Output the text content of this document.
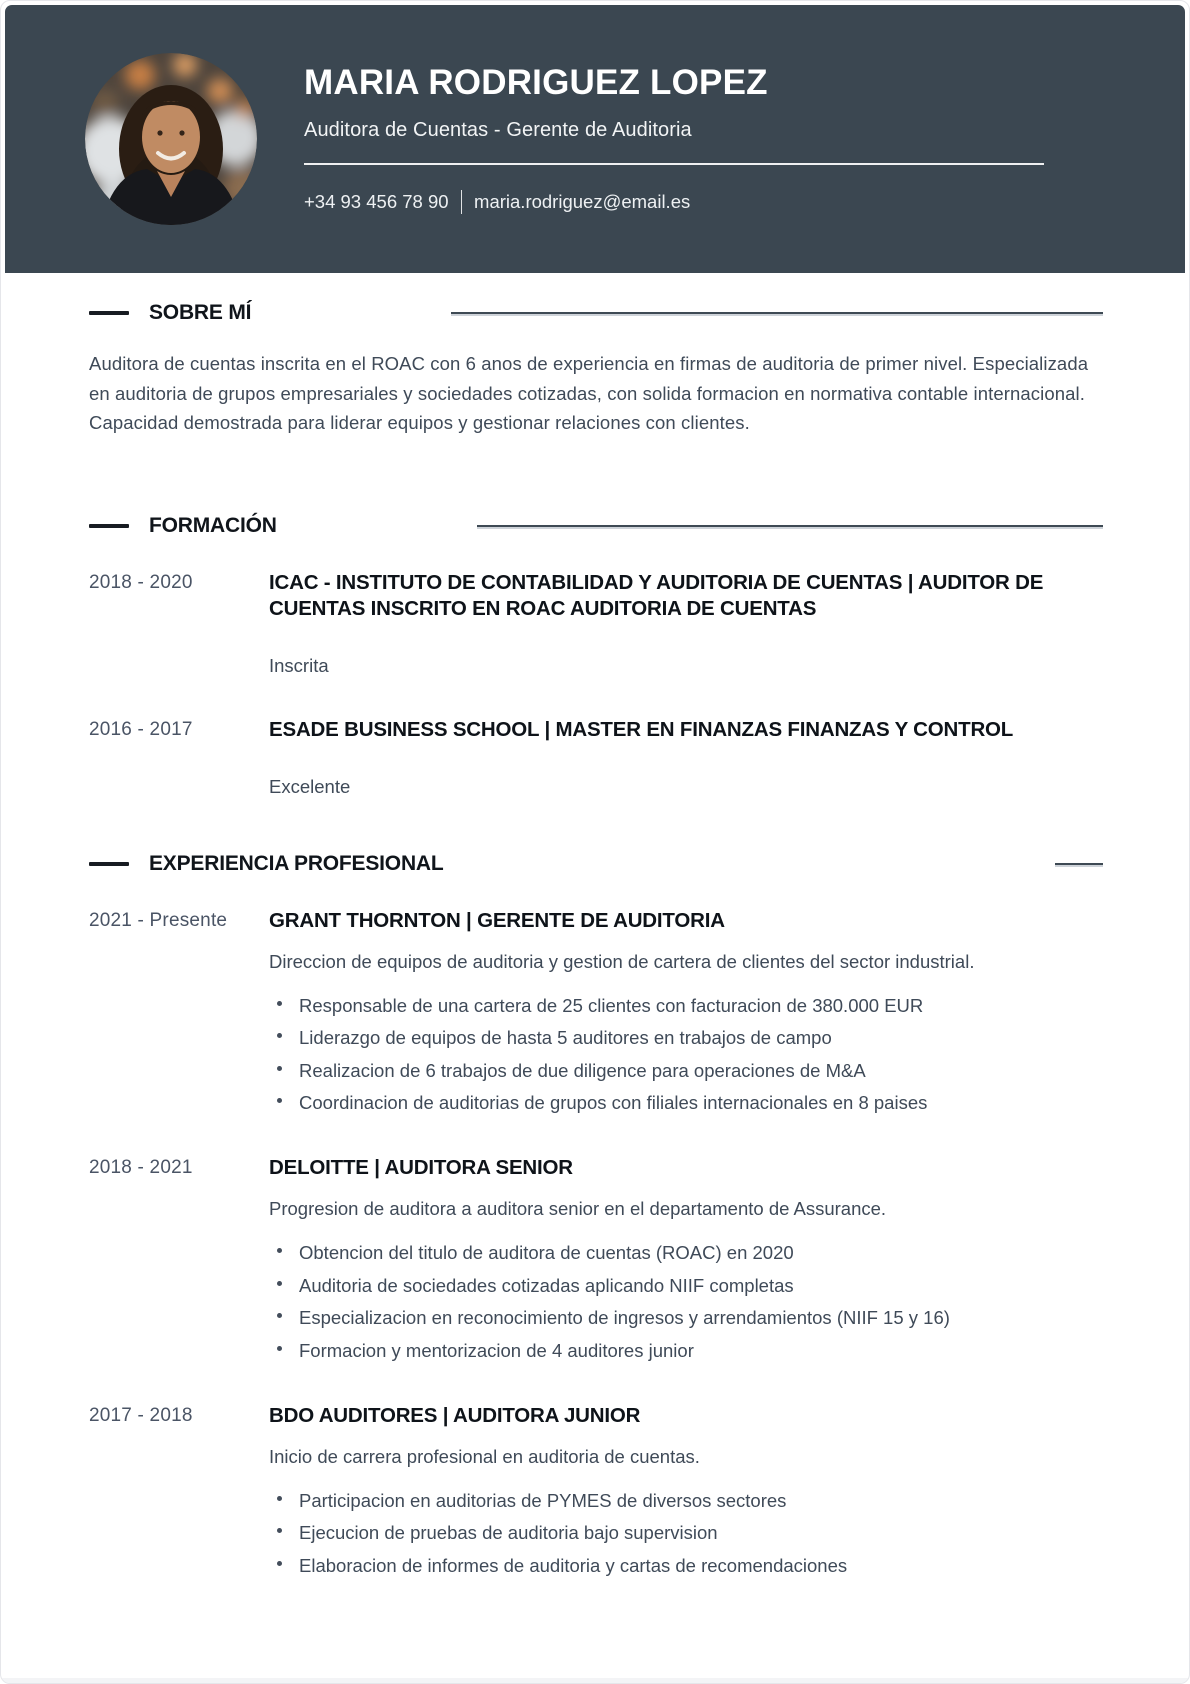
MARIA RODRIGUEZ LOPEZ
Auditora de Cuentas - Gerente de Auditoria
+34 93 456 78 90 maria.rodriguez@email.es
SOBRE MÍ

Auditora de cuentas inscrita en el ROAC con 6 anos de experiencia en firmas de auditoria de primer nivel. Especializada en auditoria de grupos empresariales y sociedades cotizadas, con solida formacion en normativa contable internacional. Capacidad demostrada para liderar equipos y gestionar relaciones con clientes.

FORMACIÓN
2018 - 2020	ICAC - INSTITUTO DE CONTABILIDAD Y AUDITORIA DE CUENTAS | AUDITOR DE CUENTAS INSCRITO EN ROAC AUDITORIA DE CUENTAS
Inscrita
2016 - 2017	ESADE BUSINESS SCHOOL | MASTER EN FINANZAS FINANZAS Y CONTROL
Excelente
EXPERIENCIA PROFESIONAL
2021 - Presente	GRANT THORNTON | GERENTE DE AUDITORIA
Direccion de equipos de auditoria y gestion de cartera de clientes del sector industrial.
Responsable de una cartera de 25 clientes con facturacion de 380.000 EUR
Liderazgo de equipos de hasta 5 auditores en trabajos de campo
Realizacion de 6 trabajos de due diligence para operaciones de M&A
Coordinacion de auditorias de grupos con filiales internacionales en 8 paises
2018 - 2021	DELOITTE | AUDITORA SENIOR
Progresion de auditora a auditora senior en el departamento de Assurance.
Obtencion del titulo de auditora de cuentas (ROAC) en 2020
Auditoria de sociedades cotizadas aplicando NIIF completas
Especializacion en reconocimiento de ingresos y arrendamientos (NIIF 15 y 16)
Formacion y mentorizacion de 4 auditores junior
2017 - 2018	BDO AUDITORES | AUDITORA JUNIOR
Inicio de carrera profesional en auditoria de cuentas.
Participacion en auditorias de PYMES de diversos sectores
Ejecucion de pruebas de auditoria bajo supervision
Elaboracion de informes de auditoria y cartas de recomendaciones
